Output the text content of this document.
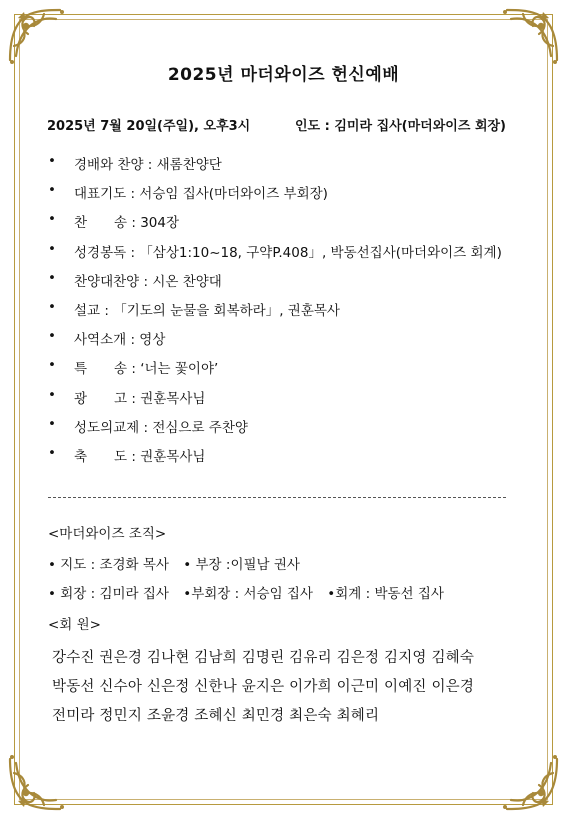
2025년 마더와이즈 헌신예배
2025년 7월 20일(주일), 오후3시	인도 : 김미라 집사(마더와이즈 회장)
• 경배와 찬양 : 새롬찬양단
• 대표기도 : 서승임 집사(마더와이즈 부회장)
• 찬　　송 : 304장
• 성경봉독 : 「삼상1:10~18, 구약P.408」, 박동선집사(마더와이즈 회계)
• 찬양대찬양 : 시온 찬양대
• 설교 : 「기도의 눈물을 회복하라」, 권훈목사
• 사역소개 : 영상
• 특　　송 : ‘너는 꽃이야’
• 광　　고 : 권훈목사님
• 성도의교제 : 전심으로 주찬양
• 축　　도 : 권훈목사님
<마더와이즈 조직>
• 지도 : 조경화 목사 • 부장 :이필남 권사
• 회장 : 김미라 집사 •부회장 : 서승임 집사 •회계 : 박동선 집사
<회 원>
강수진 권은경 김나현 김남희 김명린 김유리 김은정 김지영 김혜숙
박동선 신수아 신은정 신한나 윤지은 이가희 이근미 이예진 이은경
전미라 정민지 조윤경 조혜신 최민경 최은숙 최혜리
